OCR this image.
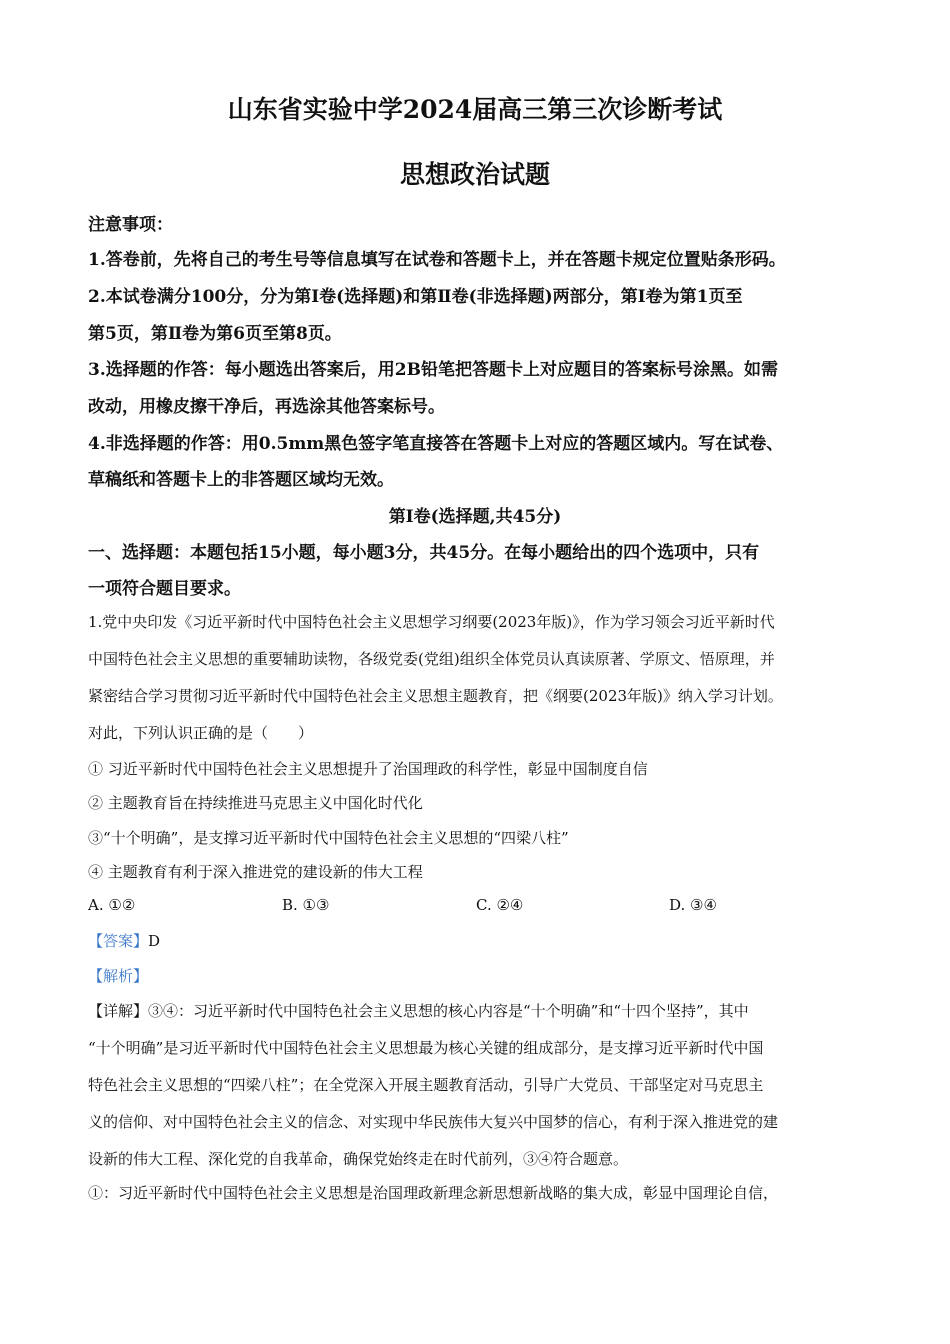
山东省实验中学2024届高三第三次诊断考试
思想政治试题
注意事项：
1.答卷前，先将自己的考生号等信息填写在试卷和答题卡上，并在答题卡规定位置贴条形码。
2.本试卷满分100分，分为第Ⅰ卷(选择题)和第Ⅱ卷(非选择题)两部分，第Ⅰ卷为第1页至
第5页，第Ⅱ卷为第6页至第8页。
3.选择题的作答：每小题选出答案后，用2B铅笔把答题卡上对应题目的答案标号涂黑。如需
改动，用橡皮擦干净后，再选涂其他答案标号。
4.非选择题的作答：用0.5mm黑色签字笔直接答在答题卡上对应的答题区域内。写在试卷、
草稿纸和答题卡上的非答题区域均无效。
第Ⅰ卷(选择题,共45分)
一、选择题：本题包括15小题，每小题3分，共45分。在每小题给出的四个选项中，只有
一项符合题目要求。
1.党中央印发《习近平新时代中国特色社会主义思想学习纲要(2023年版)》，作为学习领会习近平新时代
中国特色社会主义思想的重要辅助读物，各级党委(党组)组织全体党员认真读原著、学原文、悟原理，并
紧密结合学习贯彻习近平新时代中国特色社会主义思想主题教育，把《纲要(2023年版)》纳入学习计划。
对此，下列认识正确的是（　　）
① 习近平新时代中国特色社会主义思想提升了治国理政的科学性，彰显中国制度自信
② 主题教育旨在持续推进马克思主义中国化时代化
③“十个明确”，是支撑习近平新时代中国特色社会主义思想的“四梁八柱”
④ 主题教育有利于深入推进党的建设新的伟大工程
A. ①②	B. ①③	C. ②④	D. ③④
【答案】D
【解析】
【详解】③④：习近平新时代中国特色社会主义思想的核心内容是“十个明确”和“十四个坚持”，其中
“十个明确”是习近平新时代中国特色社会主义思想最为核心关键的组成部分，是支撑习近平新时代中国
特色社会主义思想的“四梁八柱”；在全党深入开展主题教育活动，引导广大党员、干部坚定对马克思主
义的信仰、对中国特色社会主义的信念、对实现中华民族伟大复兴中国梦的信心，有利于深入推进党的建
设新的伟大工程、深化党的自我革命，确保党始终走在时代前列，③④符合题意。
①：习近平新时代中国特色社会主义思想是治国理政新理念新思想新战略的集大成，彰显中国理论自信，
